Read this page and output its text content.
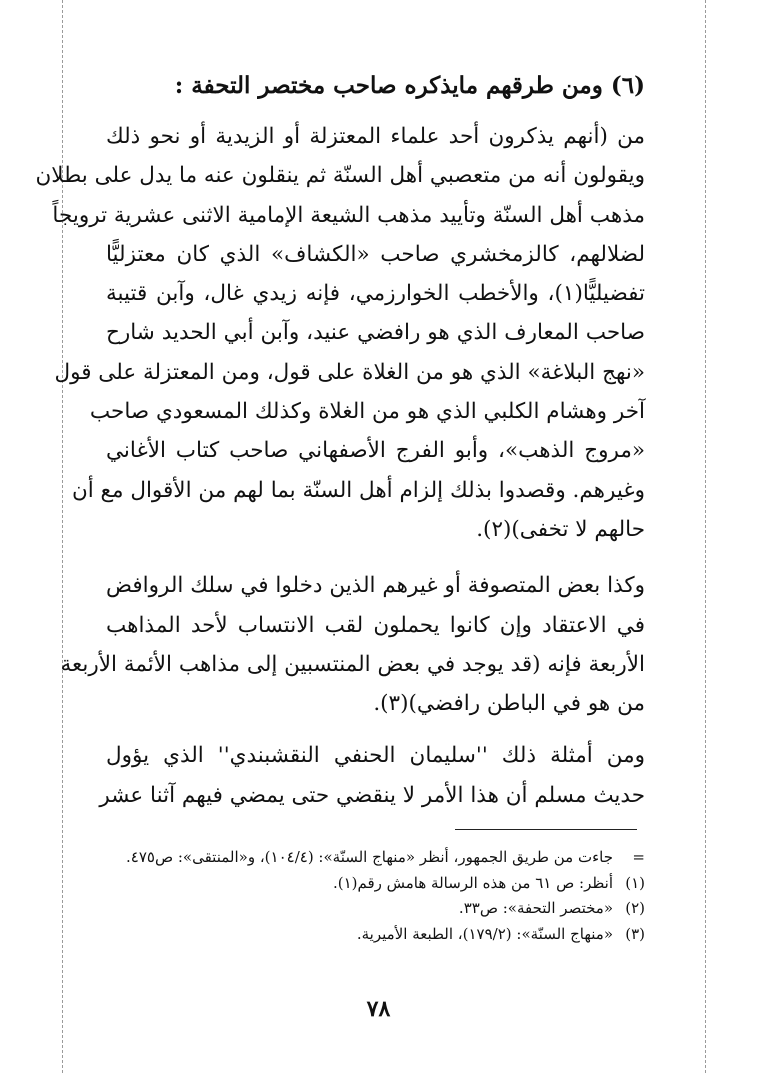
(٦) ومن طرقهم مايذكره صاحب مختصر التحفة :
من (أنهم يذكرون أحد علماء المعتزلة أو الزيدية أو نحو ذلك
ويقولون أنه من متعصبي أهل السنّة ثم ينقلون عنه ما يدل على بطلان
مذهب أهل السنّة وتأييد مذهب الشيعة الإمامية الاثنى عشرية ترويجاً
لضلالهم، كالزمخشري صاحب «الكشاف» الذي كان معتزليًّا
تفضيليًّا(١)، والأخطب الخوارزمي، فإنه زيدي غال، وآبن قتيبة
صاحب المعارف الذي هو رافضي عنيد، وآبن أبي الحديد شارح
«نهج البلاغة» الذي هو من الغلاة على قول، ومن المعتزلة على قول
آخر وهشام الكلبي الذي هو من الغلاة وكذلك المسعودي صاحب
«مروج الذهب»، وأبو الفرج الأصفهاني صاحب كتاب الأغاني
وغيرهم. وقصدوا بذلك إلزام أهل السنّة بما لهم من الأقوال مع أن
حالهم لا تخفى)(٢).
وكذا بعض المتصوفة أو غيرهم الذين دخلوا في سلك الروافض
في الاعتقاد وإن كانوا يحملون لقب الانتساب لأحد المذاهب
الأربعة فإنه (قد يوجد في بعض المنتسبين إلى مذاهب الأئمة الأربعة
من هو في الباطن رافضي)(٣).
ومن أمثلة ذلك ''سليمان الحنفي النقشبندي'' الذي يؤول
حديث مسلم أن هذا الأمر لا ينقضي حتى يمضي فيهم آثنا عشر
=جاءت من طريق الجمهور، أنظر «منهاج السنّة»: (١٠٤/٤)، و«المنتقى»: ص٤٧٥.
(١)أنظر: ص ٦١ من هذه الرسالة هامش رقم(١).
(٢)«مختصر التحفة»: ص٣٣.
(٣)«منهاج السنّة»: (١٧٩/٢)، الطبعة الأميرية.
٧٨
